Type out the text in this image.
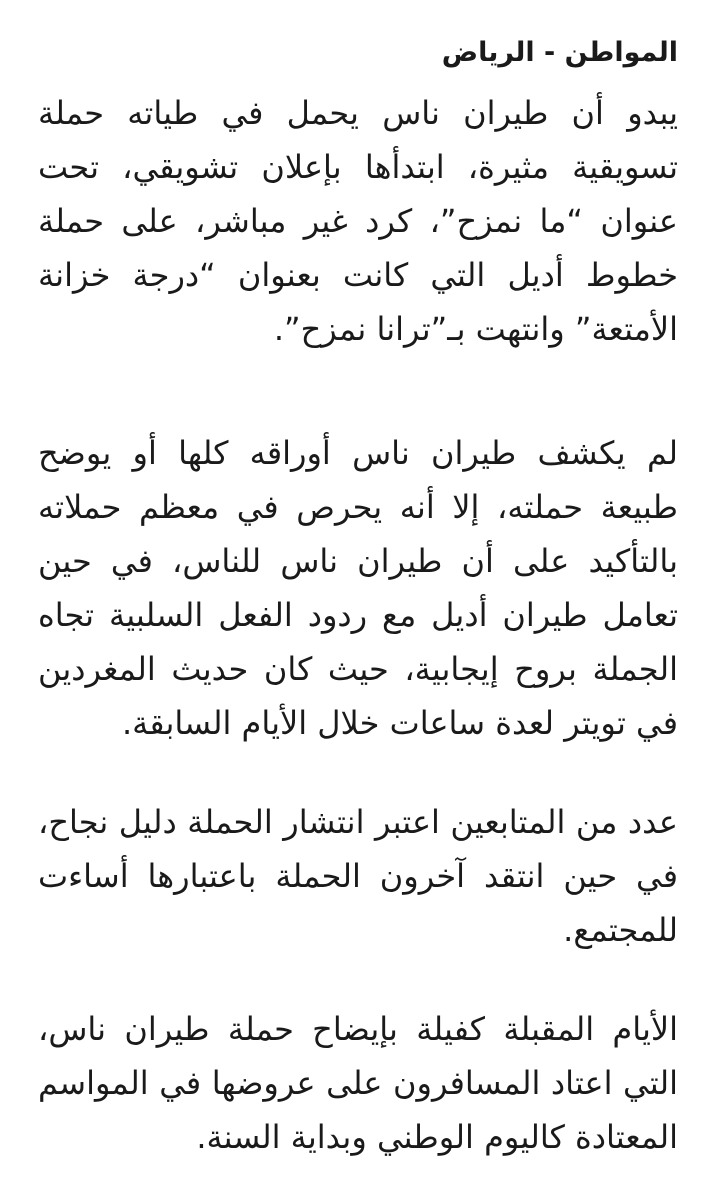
المواطن - الرياض

يبدو أن طيران ناس يحمل في طياته حملة تسويقية مثيرة، ابتدأها بإعلان تشويقي، تحت عنوان “ما نمزح”، كرد غير مباشر، على حملة خطوط أديل التي كانت بعنوان “درجة خزانة الأمتعة” وانتهت بـ”ترانا نمزح”.

لم يكشف طيران ناس أوراقه كلها أو يوضح طبيعة حملته، إلا أنه يحرص في معظم حملاته بالتأكيد على أن طيران ناس للناس، في حين تعامل طيران أديل مع ردود الفعل السلبية تجاه الجملة بروح إيجابية، حيث كان حديث المغردين في تويتر لعدة ساعات خلال الأيام السابقة.

عدد من المتابعين اعتبر انتشار الحملة دليل نجاح، في حين انتقد آخرون الحملة باعتبارها أساءت للمجتمع.

الأيام المقبلة كفيلة بإيضاح حملة طيران ناس، التي اعتاد المسافرون على عروضها في المواسم المعتادة كاليوم الوطني وبداية السنة.
